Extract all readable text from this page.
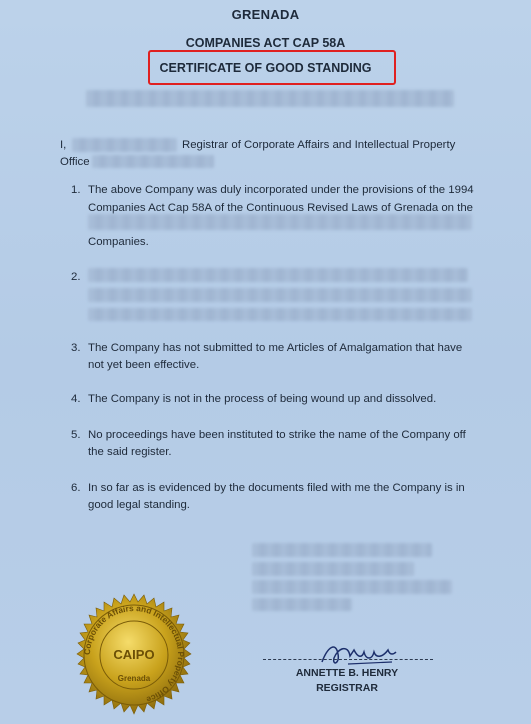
GRENADA
COMPANIES ACT CAP 58A
CERTIFICATE OF GOOD STANDING
I,	Registrar of Corporate Affairs and Intellectual Property
Office
1. The above Company was duly incorporated under the provisions of the 1994
Companies Act Cap 58A of the Continuous Revised Laws of Grenada on the
Companies.
2.
3. The Company has not submitted to me Articles of Amalgamation that have
not yet been effective.
4. The Company is not in the process of being wound up and dissolved.
5. No proceedings have been instituted to strike the name of the Company off
the said register.
6. In so far as is evidenced by the documents filed with me the Company is in
good legal standing.
Corporate Affairs and Intellectual Property Office
CAIPO
Grenada	ANNETTE B. HENRY
REGISTRAR
